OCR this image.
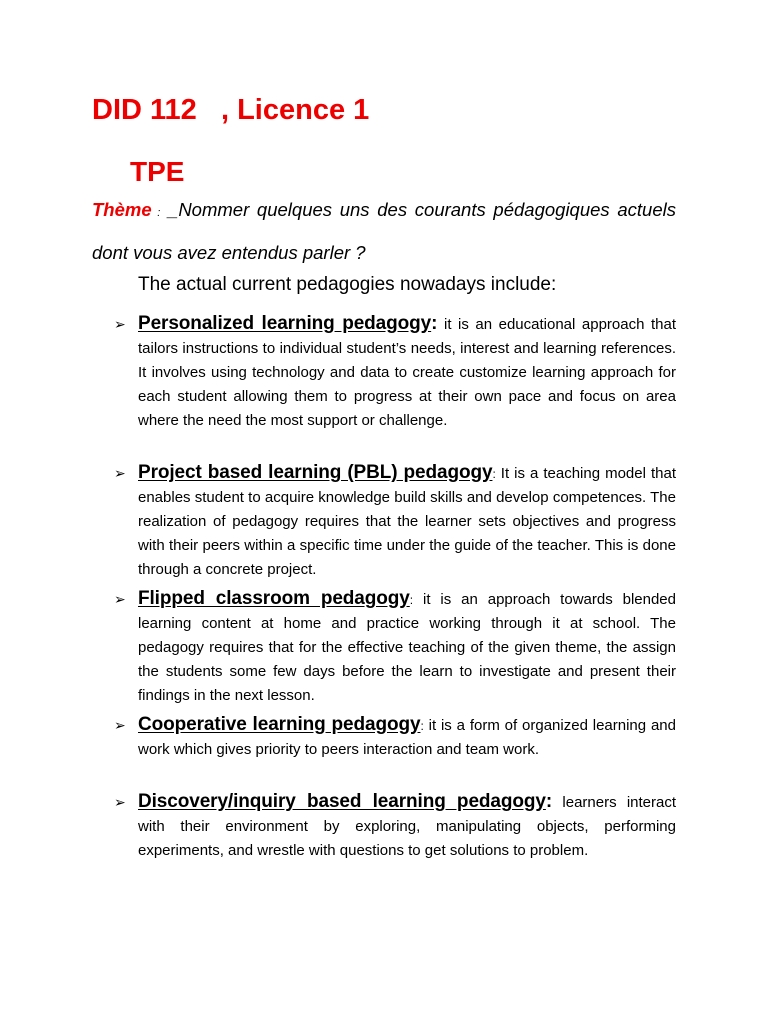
DID 112   , Licence 1
TPE
Thème : _Nommer quelques uns des courants pédagogiques actuels dont vous avez entendus parler ?
The actual current pedagogies nowadays include:
➢ Personalized learning pedagogy: it is an educational approach that tailors instructions to individual student’s needs, interest and learning references. It involves using technology and data to create customize learning approach for each student allowing them to progress at their own pace and focus on area where the need the most support or challenge.
➢ Project based learning (PBL) pedagogy: It is a teaching model that enables student to acquire knowledge build skills and develop competences. The realization of pedagogy requires that the learner sets objectives and progress with their peers within a specific time under the guide of the teacher. This is done through a concrete project.
➢ Flipped classroom pedagogy: it is an approach towards blended learning content at home and practice working through it at school. The pedagogy requires that for the effective teaching of the given theme, the assign the students some few days before the learn to investigate and present their findings in the next lesson.
➢ Cooperative learning pedagogy: it is a form of organized learning and work which gives priority to peers interaction and team work.
➢ Discovery/inquiry based learning pedagogy: learners interact with their environment by exploring, manipulating objects, performing experiments, and wrestle with questions to get solutions to problem.
